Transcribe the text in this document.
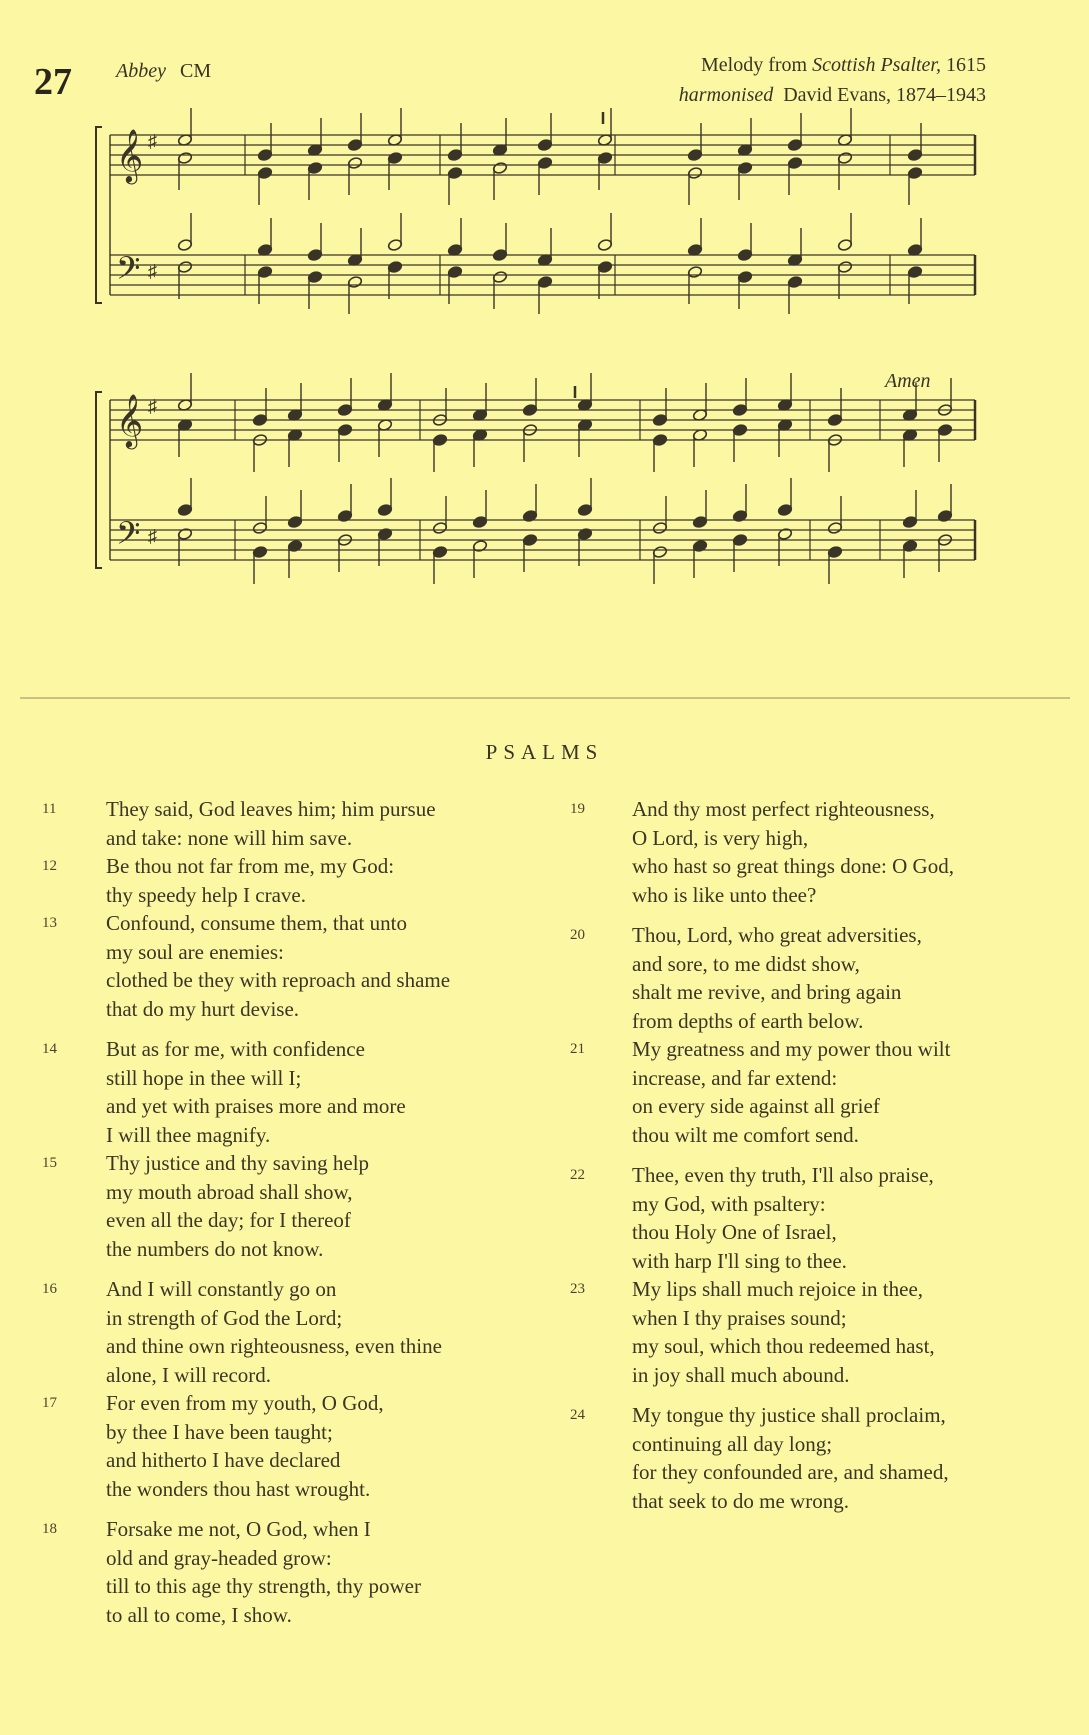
27 Abbey CM	Melody from Scottish Psalter, 1615
harmonised David Evans, 1874–1943
Amen
𝄞
𝄢
♯
♯
𝄞
𝄢
♯
♯
PSALMS
11	They said, God leaves him; him pursue
and take: none will him save.
12	Be thou not far from me, my God:
thy speedy help I crave.
13	Confound, consume them, that unto
my soul are enemies:
clothed be they with reproach and shame
that do my hurt devise.
14	But as for me, with confidence
still hope in thee will I;
and yet with praises more and more
I will thee magnify.
15	Thy justice and thy saving help
my mouth abroad shall show,
even all the day; for I thereof
the numbers do not know.
16	And I will constantly go on
in strength of God the Lord;
and thine own righteousness, even thine
alone, I will record.
17	For even from my youth, O God,
by thee I have been taught;
and hitherto I have declared
the wonders thou hast wrought.
18	Forsake me not, O God, when I
old and gray-headed grow:
till to this age thy strength, thy power
to all to come, I show.
19	And thy most perfect righteousness,
O Lord, is very high,
who hast so great things done: O God,
who is like unto thee?
20	Thou, Lord, who great adversities,
and sore, to me didst show,
shalt me revive, and bring again
from depths of earth below.
21	My greatness and my power thou wilt
increase, and far extend:
on every side against all grief
thou wilt me comfort send.
22	Thee, even thy truth, I'll also praise,
my God, with psaltery:
thou Holy One of Israel,
with harp I'll sing to thee.
23	My lips shall much rejoice in thee,
when I thy praises sound;
my soul, which thou redeemed hast,
in joy shall much abound.
24	My tongue thy justice shall proclaim,
continuing all day long;
for they confounded are, and shamed,
that seek to do me wrong.
